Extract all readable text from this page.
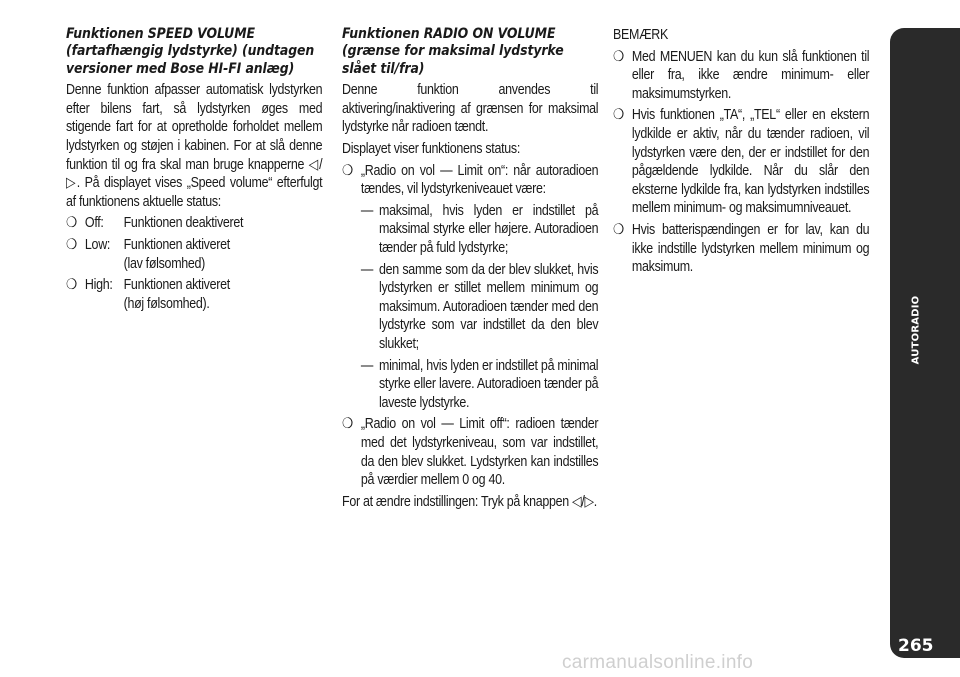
Funktionen SPEED VOLUME (fartafhængig lydstyrke) (undtagen versioner med Bose HI-FI anlæg)

Denne funktion afpasser automatisk lydstyrken efter bilens fart, så lydstyrken øges med stigende fart for at opretholde forholdet mellem lydstyrken og støjen i kabinen. For at slå denne funktion til og fra skal man bruge knapperne ◁/▷. På displayet vises „Speed volume“ efterfulgt af funktionens aktuelle status:

❍ Off:	Funktionen deaktiveret
❍ Low: Funktionen aktiveret
(lav følsomhed)
❍ High: Funktionen aktiveret
(høj følsomhed).
Funktionen RADIO ON VOLUME (grænse for maksimal lydstyrke slået til/fra)

Denne funktion anvendes til aktivering/inaktivering af grænsen for maksimal lydstyrke når radioen tændt.

Displayet viser funktionens status:

❍ „Radio on vol — Limit on“: når autoradioen tændes, vil lydstyrkeniveauet være:
— maksimal, hvis lyden er indstillet på maksimal styrke eller højere. Autoradioen tænder på fuld lydstyrke;
— den samme som da der blev slukket, hvis lydstyrken er stillet mellem minimum og maksimum. Autoradioen tænder med den lydstyrke som var indstillet da den blev slukket;
— minimal, hvis lyden er indstillet på minimal styrke eller lavere. Autoradioen tænder på laveste lydstyrke.
❍ „Radio on vol — Limit off“: radioen tænder med det lydstyrkeniveau, som var indstillet, da den blev slukket. Lydstyrken kan indstilles på værdier mellem 0 og 40.

For at ændre indstillingen: Tryk på knappen ◁/▷.

BEMÆRK
❍ Med MENUEN kan du kun slå funktionen til eller fra, ikke ændre minimum- eller maksimumstyrken.
❍ Hvis funktionen „TA“, „TEL“ eller en ekstern lydkilde er aktiv, når du tænder radioen, vil lydstyrken være den, der er indstillet for den pågældende lydkilde. Når du slår den eksterne lydkilde fra, kan lydstyrken indstilles mellem minimum- og maksimumniveauet.
❍ Hvis batterispændingen er for lav, kan du ikke indstille lydstyrken mellem minimum og maksimum.
AUTORADIO
265
carmanualsonline.info
